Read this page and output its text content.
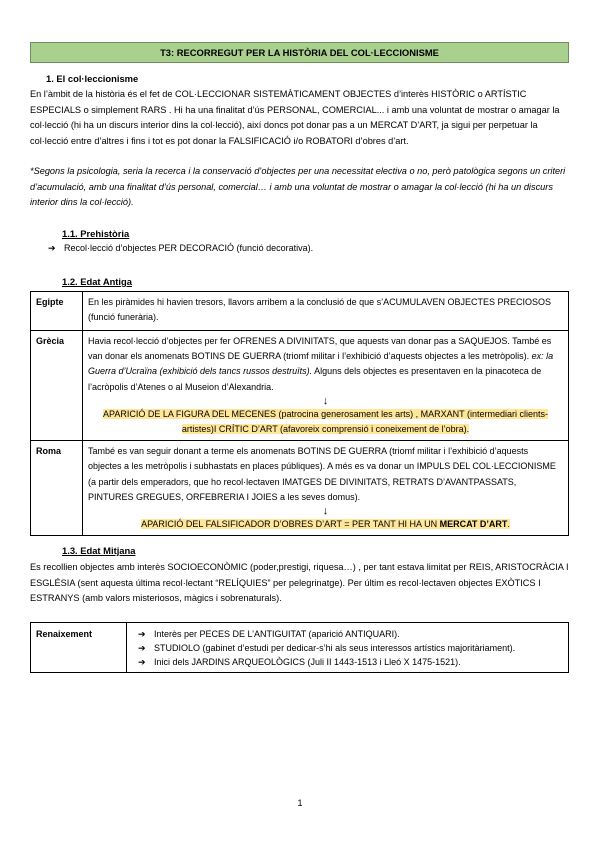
T3: RECORREGUT PER LA HISTÒRIA DEL COL·LECCIONISME
1. El col·leccionisme
En l’àmbit de la història és el fet de COL·LECCIONAR SISTEMÀTICAMENT OBJECTES d’interès HISTÒRIC o ARTÍSTIC ESPECIALS o simplement RARS . Hi ha una finalitat d’ús PERSONAL, COMERCIAL... i amb una voluntat de mostrar o amagar la col·lecció (hi ha un discurs interior dins la col·lecció), així doncs pot donar pas a un MERCAT D’ART, ja sigui per perpetuar la col·lecció entre d’altres i fins i tot es pot donar la FALSIFICACIÓ i/o ROBATORI d’obres d’art.
*Segons la psicologia, seria la recerca i la conservació d’objectes per una necessitat electiva o no, però patològica segons un criteri d’acumulació, amb una finalitat d’ús personal, comercial… i amb una voluntat de mostrar o amagar la col·lecció (hi ha un discurs interior dins la col·lecció).
1.1. Prehistòria
➔ Recol·lecció d’objectes PER DECORACIÓ (funció decorativa).
1.2. Edat Antiga
Egipte	En les piràmides hi havien tresors, llavors arribem a la conclusió de que s’ACUMULAVEN OBJECTES PRECIOSOS (funció funerària).
Grècia	Havia recol·lecció d’objectes per fer OFRENES A DIVINITATS, que aquests van donar pas a SAQUEJOS. També es van donar els anomenats BOTINS DE GUERRA (triomf militar i l’exhibició d’aquests objectes a les metròpolis). ex: la Guerra d’Ucraïna (exhibició dels tancs russos destruïts). Alguns dels objectes es presentaven en la pinacoteca de l’acròpolis d’Atenes o al Museion d’Alexandria.
↓
APARICIÓ DE LA FIGURA DEL MECENES (patrocina generosament les arts) , MARXANT (intermediari clients-artistes)I CRÍTIC D’ART (afavoreix comprensió i coneixement de l’obra).

Roma	També es van seguir donant a terme els anomenats BOTINS DE GUERRA (triomf militar i l’exhibició d’aquests objectes a les metròpolis i subhastats en places públiques). A més es va donar un IMPULS DEL COL·LECCIONISME (a partir dels emperadors, que ho recol·lectaven IMATGES DE DIVINITATS, RETRATS D’AVANTPASSATS, PINTURES GREGUES, ORFEBRERIA I JOIES a les seves domus).
↓
APARICIÓ DEL FALSIFICADOR D’OBRES D’ART = PER TANT HI HA UN MERCAT D’ART.
1.3. Edat Mitjana
Es recollien objectes amb interès SOCIOECONÒMIC (poder,prestigi, riquesa…) , per tant estava limitat per REIS, ARISTOCRÀCIA I ESGLÉSIA (sent aquesta última recol·lectant “RELÍQUIES” per pelegrinatge). Per últim es recol·lectaven objectes EXÒTICS I ESTRANYS (amb valors misteriosos, màgics i sobrenaturals).
Renaixement	
➔Interès per PECES DE L’ANTIGUITAT (aparició ANTIQUARI).
➔ STUDIOLO (gabinet d’estudi per dedicar-s’hi als seus interessos artístics majoritàriament).
➔ Inici dels JARDINS ARQUEOLÒGICS (Juli II 1443-1513 i Lleó X 1475-1521).
1
